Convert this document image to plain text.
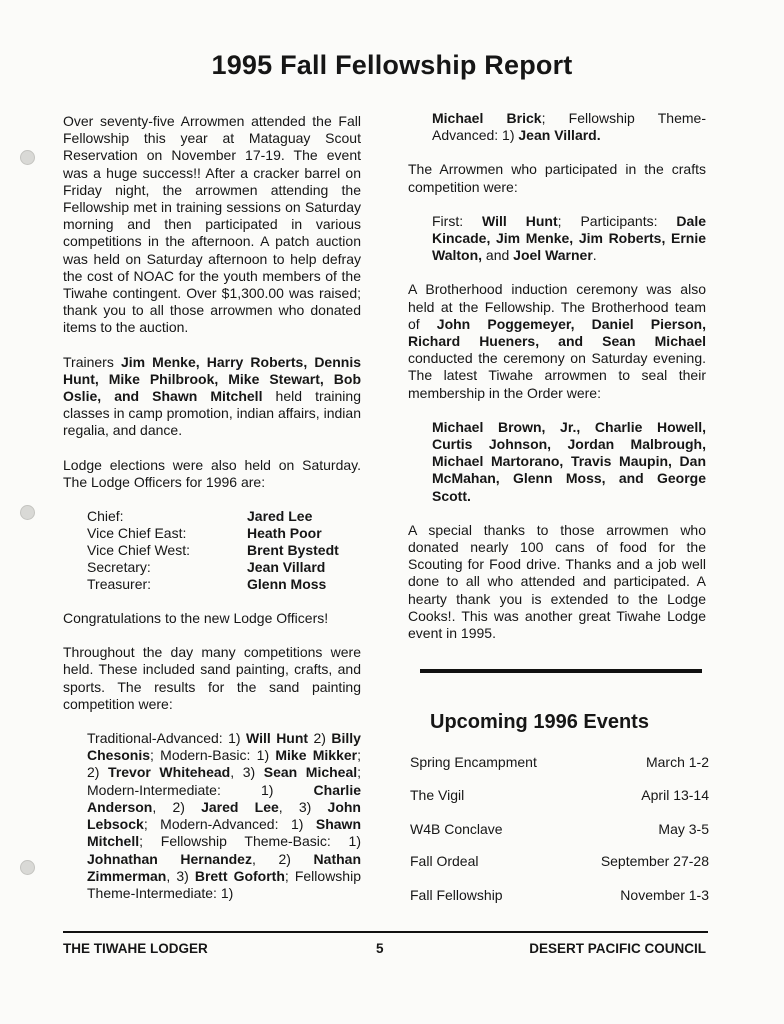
1995 Fall Fellowship Report

Over seventy-five Arrowmen attended the Fall Fellowship this year at Mataguay Scout Reservation on November 17-19. The event was a huge success!! After a cracker barrel on Friday night, the arrowmen attending the Fellowship met in training sessions on Saturday morning and then participated in various competitions in the afternoon. A patch auction was held on Saturday afternoon to help defray the cost of NOAC for the youth members of the Tiwahe contingent. Over $1,300.00 was raised; thank you to all those arrowmen who donated items to the auction.

Trainers Jim Menke, Harry Roberts, Dennis Hunt, Mike Philbrook, Mike Stewart, Bob Oslie, and Shawn Mitchell held training classes in camp promotion, indian affairs, indian regalia, and dance.

Lodge elections were also held on Saturday. The Lodge Officers for 1996 are:

Chief:	Jared Lee
Vice Chief East:	Heath Poor
Vice Chief West:	Brent Bystedt
Secretary:	Jean Villard
Treasurer:	Glenn Moss

Congratulations to the new Lodge Officers!

Throughout the day many competitions were held. These included sand painting, crafts, and sports. The results for the sand painting competition were:

Traditional-Advanced: 1) Will Hunt 2) Billy Chesonis; Modern-Basic: 1) Mike Mikker; 2) Trevor Whitehead, 3) Sean Micheal; Modern-Intermediate: 1) Charlie Anderson, 2) Jared Lee, 3) John Lebsock; Modern-Advanced: 1) Shawn Mitchell; Fellowship Theme-Basic: 1) Johnathan Hernandez, 2) Nathan Zimmerman, 3) Brett Goforth; Fellowship Theme-Intermediate: 1)

Michael Brick; Fellowship Theme-Advanced: 1) Jean Villard.

The Arrowmen who participated in the crafts competition were:

First: Will Hunt; Participants: Dale Kincade, Jim Menke, Jim Roberts, Ernie Walton, and Joel Warner.

A Brotherhood induction ceremony was also held at the Fellowship. The Brotherhood team of John Poggemeyer, Daniel Pierson, Richard Hueners, and Sean Michael conducted the ceremony on Saturday evening. The latest Tiwahe arrowmen to seal their membership in the Order were:

Michael Brown, Jr., Charlie Howell, Curtis Johnson, Jordan Malbrough, Michael Martorano, Travis Maupin, Dan McMahan, Glenn Moss, and George Scott.

A special thanks to those arrowmen who donated nearly 100 cans of food for the Scouting for Food drive. Thanks and a job well done to all who attended and participated. A hearty thank you is extended to the Lodge Cooks!. This was another great Tiwahe Lodge event in 1995.

Upcoming 1996 Events
Spring Encampment	March 1-2
The Vigil	April 13-14
W4B Conclave	May 3-5
Fall Ordeal	September 27-28
Fall Fellowship	November 1-3
THE TIWAHE LODGER	5	DESERT PACIFIC COUNCIL
